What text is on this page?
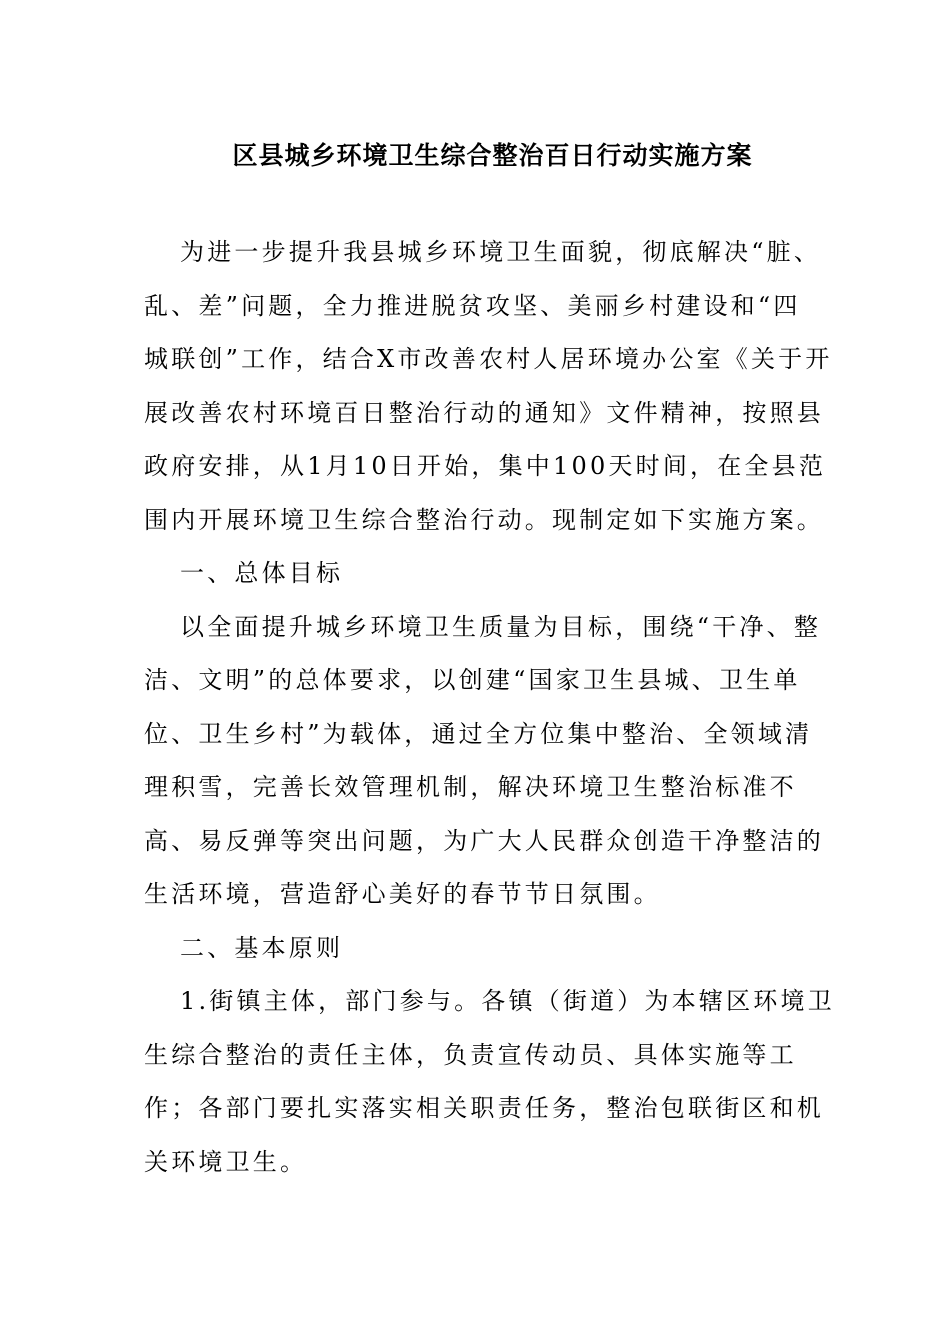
区县城乡环境卫生综合整治百日行动实施方案
为进一步提升我县城乡环境卫生面貌，彻底解决“脏、
乱、差”问题，全力推进脱贫攻坚、美丽乡村建设和“四
城联创”工作，结合X市改善农村人居环境办公室《关于开
展改善农村环境百日整治行动的通知》文件精神，按照县
政府安排，从1月10日开始，集中100天时间，在全县范
围内开展环境卫生综合整治行动。现制定如下实施方案。
一、总体目标
以全面提升城乡环境卫生质量为目标，围绕“干净、整
洁、文明”的总体要求，以创建“国家卫生县城、卫生单
位、卫生乡村”为载体，通过全方位集中整治、全领域清
理积雪，完善长效管理机制，解决环境卫生整治标准不
高、易反弹等突出问题，为广大人民群众创造干净整洁的
生活环境，营造舒心美好的春节节日氛围。
二、基本原则
1.街镇主体，部门参与。各镇（街道）为本辖区环境卫
生综合整治的责任主体，负责宣传动员、具体实施等工
作；各部门要扎实落实相关职责任务，整治包联街区和机
关环境卫生。
